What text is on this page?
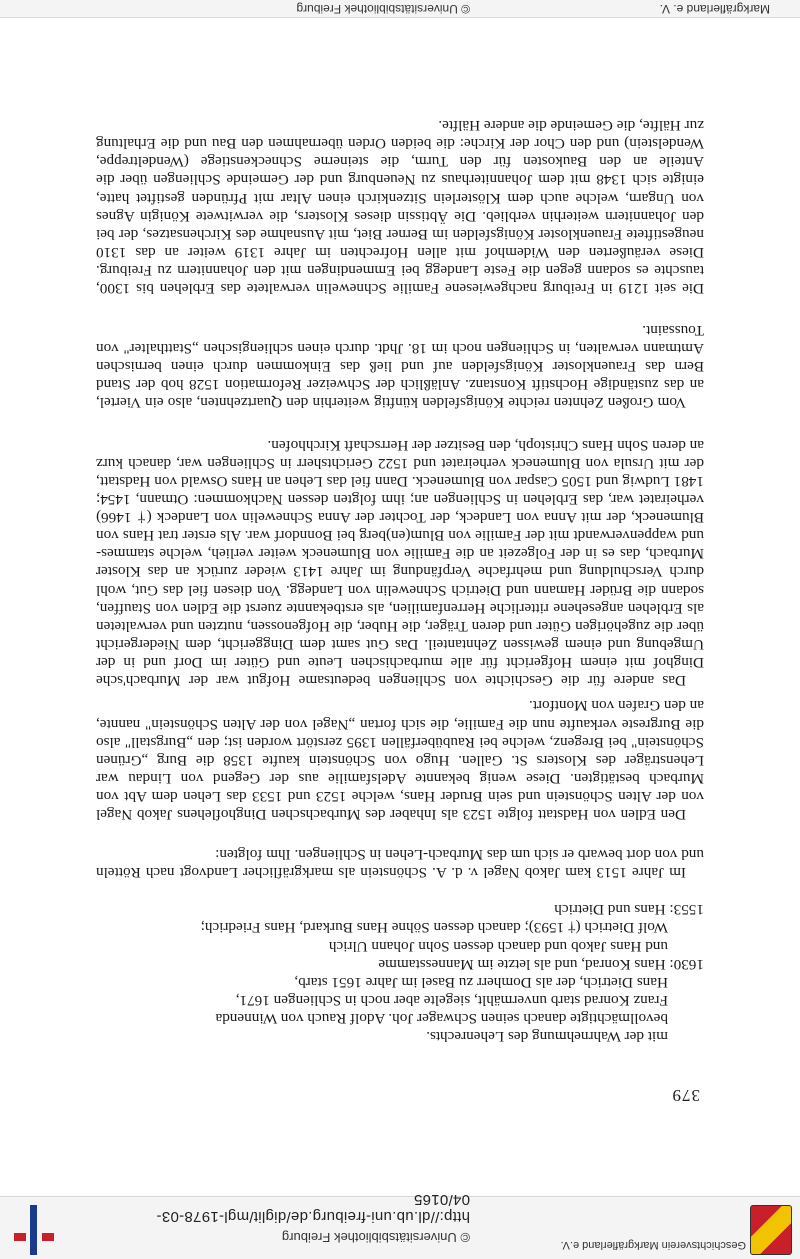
Geschichtsverein Markgräflerland e.V.
© Universitätsbibliothek Freiburg
http://dl.ub.uni-freiburg.de/diglit/mgl-1978-03-04/0165
379

mit der Wahrnehmung des Lehenrechts.

bevollmächtigte danach seinen Schwager Joh. Adolf Rauch von Winnenda

Franz Konrad starb unvermählt, siegelte aber noch in Schliengen 1671,

Hans Dietrich, der als Domherr zu Basel im Jahre 1651 starb,

1630: Hans Konrad, und als letzte im Mannesstamme

und Hans Jakob und danach dessen Sohn Johann Ulrich

Wolf Dietrich († 1593); danach dessen Söhne Hans Burkard, Hans Friedrich;

1553: Hans und Dietrich

Im Jahre 1513 kam Jakob Nagel v. d. A. Schönstein als markgräflicher Landvogt nach Rötteln und von dort bewarb er sich um das Murbach-Lehen in Schliengen. Ihm folgten:

Den Edlen von Hadstatt folgte 1523 als Inhaber des Murbachschen Dinghoflehens Jakob Nagel von der Alten Schönstein und sein Bruder Hans, welche 1523 und 1533 das Lehen dem Abt von Murbach bestätigten. Diese wenig bekannte Adelsfamilie aus der Gegend von Lindau war Lehensträger des Klosters St. Gallen. Hugo von Schönstein kaufte 1358 die Burg „Grünen Schönstein" bei Bregenz, welche bei Raubüberfällen 1395 zerstört worden ist; den „Burgstall" also die Burgreste verkaufte nun die Familie, die sich fortan „Nagel von der Alten Schönstein" nannte, an den Grafen von Montfort.

Das andere für die Geschichte von Schliengen bedeutsame Hofgut war der Murbach'sche Dinghof mit einem Hofgericht für alle murbachischen Leute und Güter im Dorf und in der Umgebung und einem gewissen Zehntanteil. Das Gut samt dem Dinggericht, dem Niedergericht über die zugehörigen Güter und deren Träger, die Huber, die Hofgenossen, nutzten und verwalteten als Erblehen angesehene ritterliche Herrenfamilien, als erstbekannte zuerst die Edlen von Stauffen, sodann die Brüder Hamann und Dietrich Schnewelin von Landegg. Von diesen fiel das Gut, wohl durch Verschuldung und mehrfache Verpfändung im Jahre 1413 wieder zurück an das Kloster Murbach, das es in der Folgezeit an die Familie von Blumeneck weiter verlieh, welche stammes- und wappenverwandt mit der Familie von Blum(en)berg bei Bonndorf war. Als erster trat Hans von Blumeneck, der mit Anna von Landeck, der Tochter der Anna Schnewelin von Landeck († 1466) verheiratet war, das Erblehen in Schliengen an; ihm folgten dessen Nachkommen: Otmann, 1454; 1481 Ludwig und 1505 Caspar von Blumeneck. Dann fiel das Lehen an Hans Oswald von Hadstatt, der mit Ursula von Blumeneck verheiratet und 1522 Gerichtsherr in Schliengen war, danach kurz an deren Sohn Hans Christoph, den Besitzer der Herrschaft Kirchhofen.

Vom Großen Zehnten reichte Königsfelden künftig weiterhin den Quartzehnten, also ein Viertel, an das zuständige Hochstift Konstanz. Anläßlich der Schweizer Reformation 1528 hob der Stand Bern das Frauenkloster Königsfelden auf und ließ das Einkommen durch einen bernischen Amtmann verwalten, in Schliengen noch im 18. Jhdt. durch einen schliengischen „Statthalter" von Toussaint.

Die seit 1219 in Freiburg nachgewiesene Familie Schnewelin verwaltete das Erblehen bis 1300, tauschte es sodann gegen die Feste Landegg bei Emmendingen mit den Johannitern zu Freiburg. Diese veräußerten den Widemhof mit allen Hofrechten im Jahre 1319 weiter an das 1310 neugestiftete Frauenkloster Königsfelden im Berner Biet, mit Ausnahme des Kirchensatzes, der bei den Johannitern weiterhin verblieb. Die Äbtissin dieses Klosters, die verwitwete Königin Agnes von Ungarn, welche auch dem Klösterlein Sitzenkirch einen Altar mit Pfründen gestiftet hatte, einigte sich 1348 mit dem Johanniterhaus zu Neuenburg und der Gemeinde Schliengen über die Anteile an den Baukosten für den Turm, die steinerne Schneckenstiege (Wendeltreppe, Wendelstein) und den Chor der Kirche: die beiden Orden übernahmen den Bau und die Erhaltung zur Hälfte, die Gemeinde die andere Hälfte.

Markgräflerland e. V.
© Universitätsbibliothek Freiburg
